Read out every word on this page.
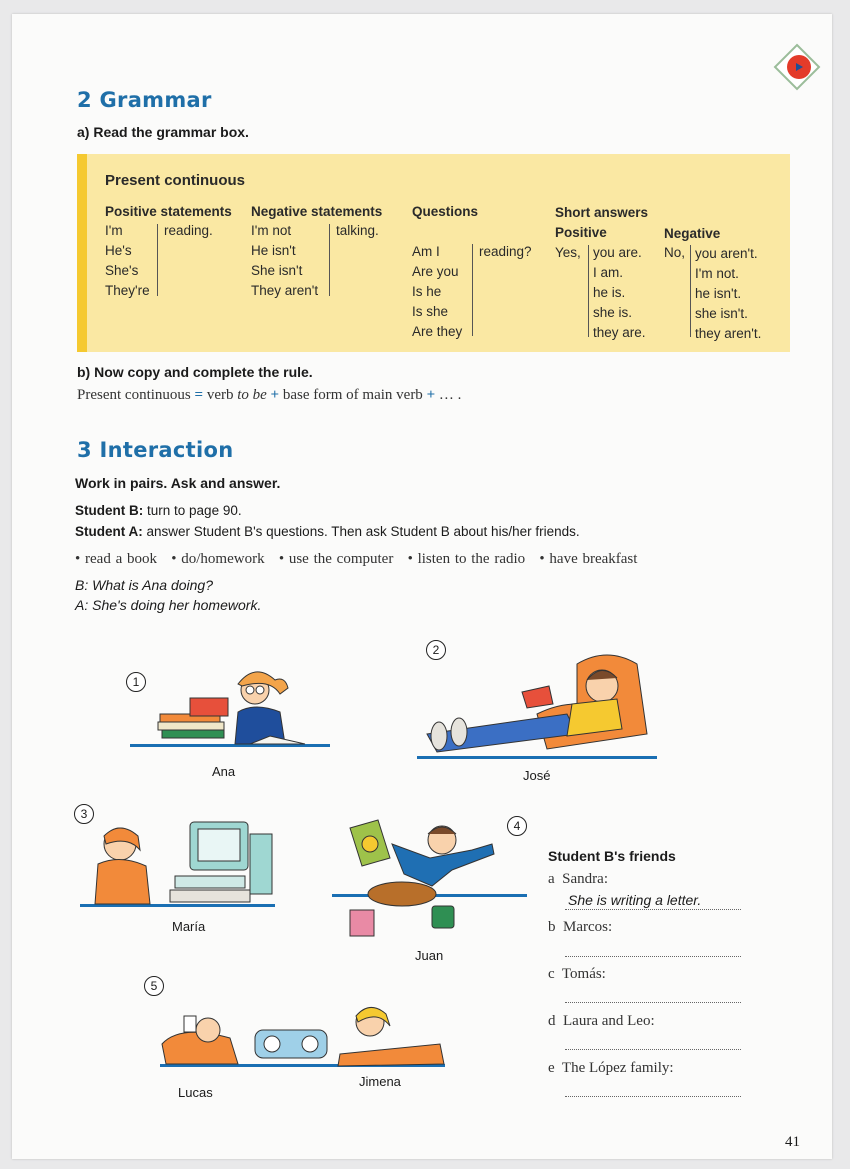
2 Grammar
a) Read the grammar box.
Present continuous
Positive statements
I'm
He's
She's
They're
reading.
Negative statements
I'm not
He isn't
She isn't
They aren't
talking.
Questions
Am I
Are you
Is he
Is she
Are they
reading?
Short answers
Positive
Yes, you are.
I am.
he is.
she is.
they are.
Negative
No, you aren't.
I'm not.
he isn't.
she isn't.
they aren't.
b) Now copy and complete the rule.
Present continuous = verb to be + base form of main verb + … .
3 Interaction
Work in pairs. Ask and answer.
Student B: turn to page 90.
Student A: answer Student B's questions. Then ask Student B about his/her friends.
• read a book   • do/homework   • use the computer   • listen to the radio   • have breakfast
B: What is Ana doing?
A: She's doing her homework.
1
Ana
2
José
3
María
4
Juan
5
Jimena
Lucas
Student B's friends
a Sandra:
She is writing a letter.
b Marcos:
c Tomás:
d Laura and Leo:
e The López family:
41
